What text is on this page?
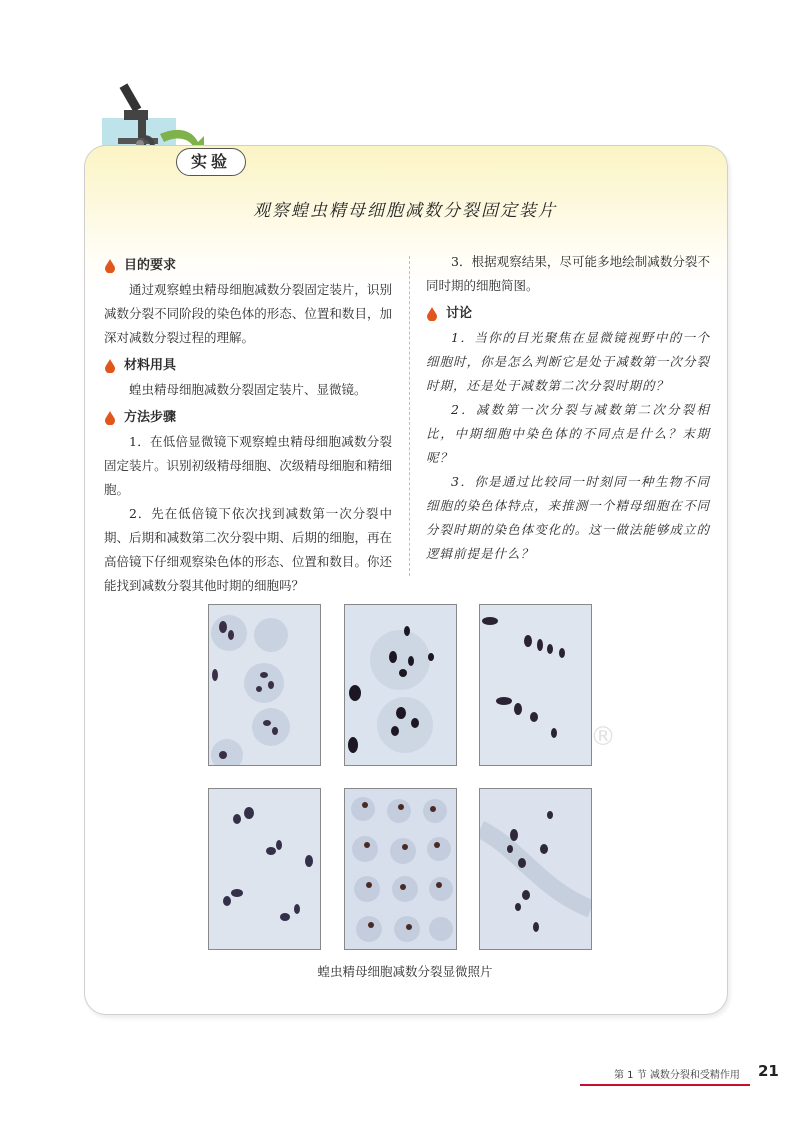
实验
观察蝗虫精母细胞减数分裂固定装片
目的要求

通过观察蝗虫精母细胞减数分裂固定装片，识别减数分裂不同阶段的染色体的形态、位置和数目，加深对减数分裂过程的理解。

材料用具

蝗虫精母细胞减数分裂固定装片、显微镜。

方法步骤

1．在低倍显微镜下观察蝗虫精母细胞减数分裂固定装片。识别初级精母细胞、次级精母细胞和精细胞。

2．先在低倍镜下依次找到减数第一次分裂中期、后期和减数第二次分裂中期、后期的细胞，再在高倍镜下仔细观察染色体的形态、位置和数目。你还能找到减数分裂其他时期的细胞吗？

3．根据观察结果，尽可能多地绘制减数分裂不同时期的细胞简图。

讨论

1．当你的目光聚焦在显微镜视野中的一个细胞时，你是怎么判断它是处于减数第一次分裂时期，还是处于减数第二次分裂时期的？

2．减数第一次分裂与减数第二次分裂相比，中期细胞中染色体的不同点是什么？末期呢？

3．你是通过比较同一时刻同一种生物不同细胞的染色体特点，来推测一个精母细胞在不同分裂时期的染色体变化的。这一做法能够成立的逻辑前提是什么？

蝗虫精母细胞减数分裂显微照片
®
第 1 节 减数分裂和受精作用 21
